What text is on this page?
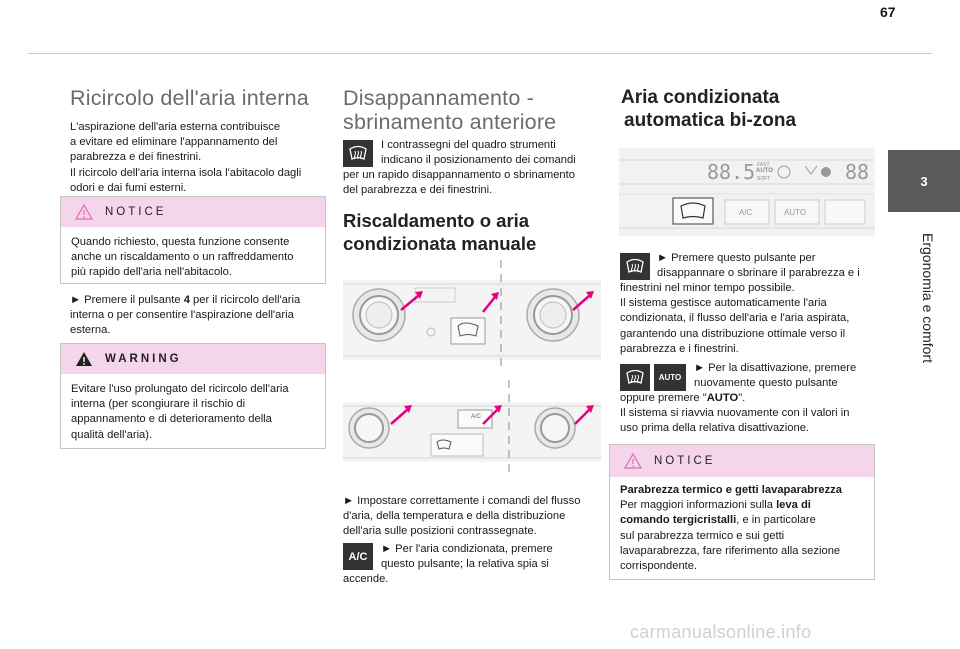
67
3
Ergonomia e comfort
Ricircolo dell'aria interna
L'aspirazione dell'aria esterna contribuisce
a evitare ed eliminare l'appannamento del
parabrezza e dei finestrini.
Il ricircolo dell'aria interna isola l'abitacolo dagli
odori e dai fumi esterni.
NOTICE
Quando richiesto, questa funzione consente
anche un riscaldamento o un raffreddamento
più rapido dell'aria nell'abitacolo.
► Premere il pulsante 4 per il ricircolo dell'aria
interna o per consentire l'aspirazione dell'aria
esterna.
WARNING
Evitare l'uso prolungato del ricircolo dell'aria
interna (per scongiurare il rischio di
appannamento e di deterioramento della
qualità dell'aria).
Disappannamento -
sbrinamento anteriore
I contrassegni del quadro strumenti
indicano il posizionamento dei comandi
per un rapido disappannamento o sbrinamento
del parabrezza e dei finestrini.
Riscaldamento o aria
condizionata manuale
A/C
► Impostare correttamente i comandi del flusso
d'aria, della temperatura e della distribuzione
dell'aria sulle posizioni contrassegnate.
A/C
► Per l'aria condizionata, premere
questo pulsante; la relativa spia si
accende.
Aria condizionata
automatica bi-zona
88.5 FAST
AUTO
SOFT	88
A/C	AUTO
► Premere questo pulsante per
disappannare o sbrinare il parabrezza e i
finestrini nel minor tempo possibile.
Il sistema gestisce automaticamente l'aria
condizionata, il flusso dell'aria e l'aria aspirata,
garantendo una distribuzione ottimale verso il
parabrezza e i finestrini.
AUTO
► Per la disattivazione, premere
nuovamente questo pulsante
oppure premere "AUTO".
Il sistema si riavvia nuovamente con il valori in
uso prima della relativa disattivazione.
NOTICE
Parabrezza termico e getti lavaparabrezza
Per maggiori informazioni sulla leva di
comando tergicristalli, e in particolare
sul parabrezza termico e sui getti
lavaparabrezza, fare riferimento alla sezione
corrispondente.
carmanualsonline.info
